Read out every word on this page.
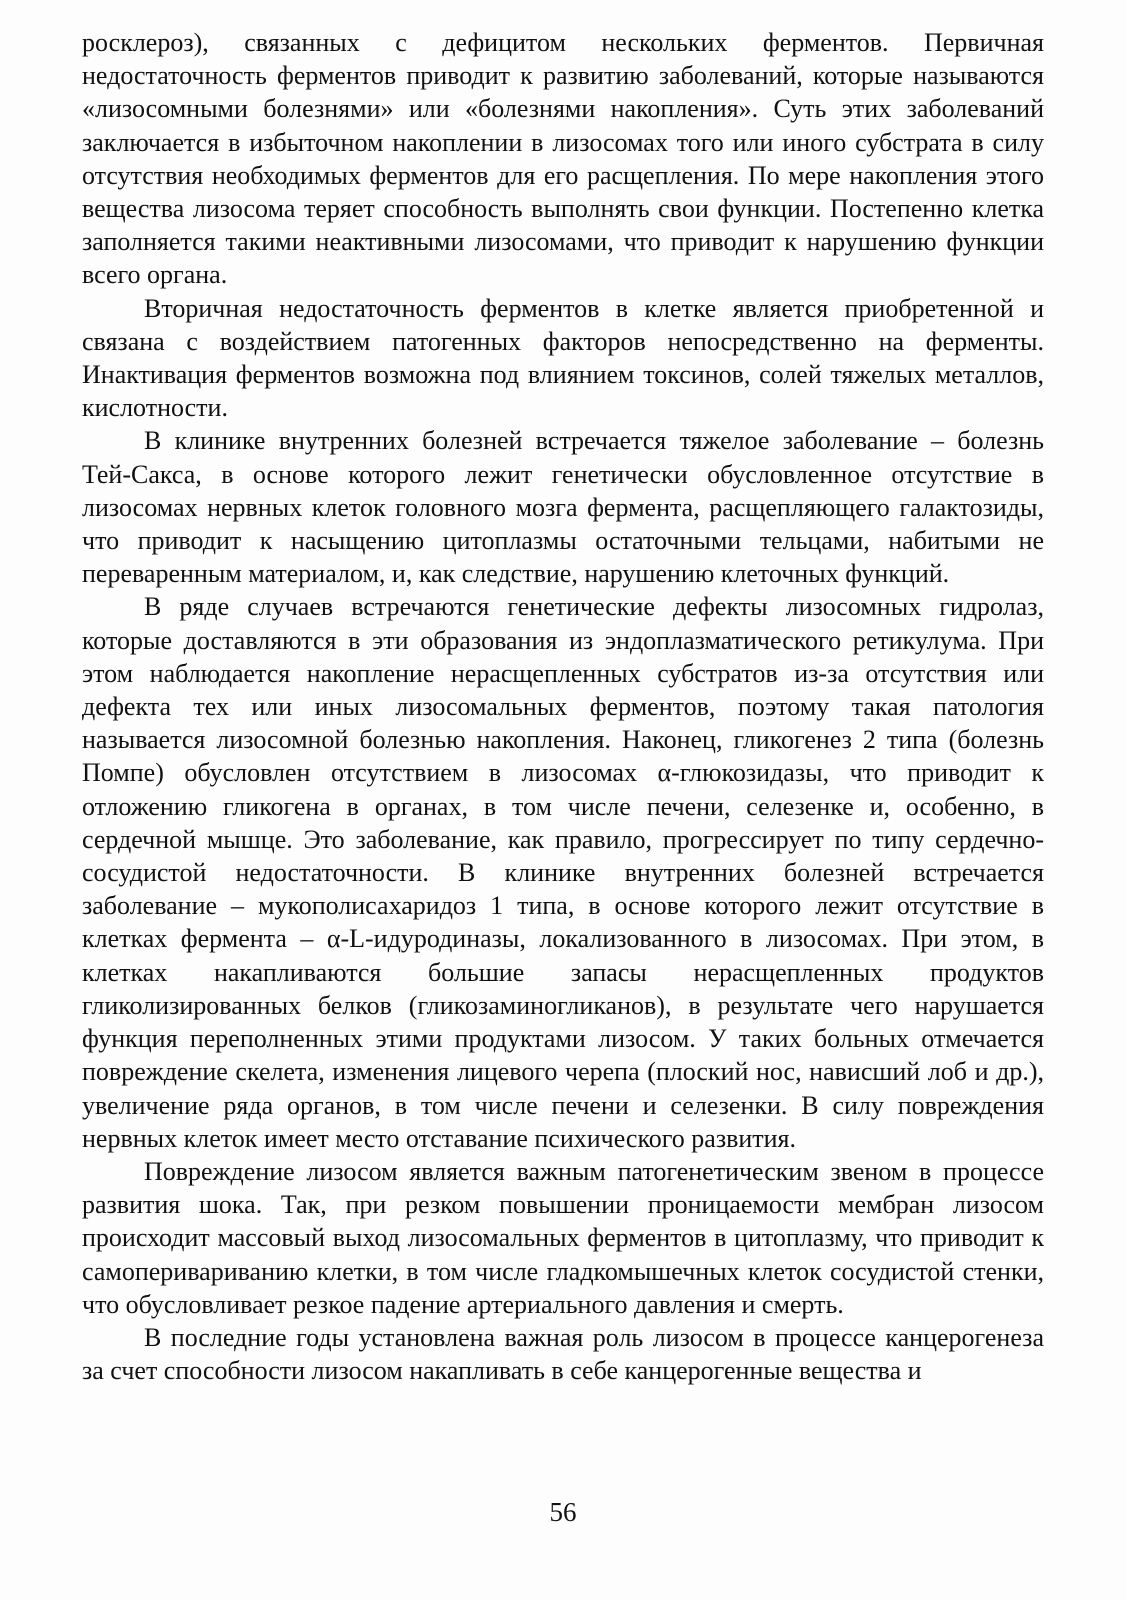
росклероз), связанных с дефицитом нескольких ферментов. Первичная недостаточность ферментов приводит к развитию заболеваний, которые называются «лизосомными болезнями» или «болезнями накопления». Суть этих заболеваний заключается в избыточном накоплении в лизосомах того или иного субстрата в силу отсутствия необходимых ферментов для его расщепления. По мере накопления этого вещества лизосома теряет способность выполнять свои функции. Постепенно клетка заполняется такими неактивными лизосомами, что приводит к нарушению функции всего органа.

Вторичная недостаточность ферментов в клетке является приобретенной и связана с воздействием патогенных факторов непосредственно на ферменты. Инактивация ферментов возможна под влиянием токсинов, солей тяжелых металлов, кислотности.

В клинике внутренних болезней встречается тяжелое заболевание – болезнь Тей-Сакса, в основе которого лежит генетически обусловленное отсутствие в лизосомах нервных клеток головного мозга фермента, расщепляющего галактозиды, что приводит к насыщению цитоплазмы остаточными тельцами, набитыми не переваренным материалом, и, как следствие, нарушению клеточных функций.

В ряде случаев встречаются генетические дефекты лизосомных гидролаз, которые доставляются в эти образования из эндоплазматического ретикулума. При этом наблюдается накопление нерасщепленных субстратов из-за отсутствия или дефекта тех или иных лизосомальных ферментов, поэтому такая патология называется лизосомной болезнью накопления. Наконец, гликогенез 2 типа (болезнь Помпе) обусловлен отсутствием в лизосомах α-глюкозидазы, что приводит к отложению гликогена в органах, в том числе печени, селезенке и, особенно, в сердечной мышце. Это заболевание, как правило, прогрессирует по типу сердечно-сосудистой недостаточности. В клинике внутренних болезней встречается заболевание – мукополисахаридоз 1 типа, в основе которого лежит отсутствие в клетках фермента – α-L-идуродиназы, локализованного в лизосомах. При этом, в клетках накапливаются большие запасы нерасщепленных продуктов гликолизированных белков (гликозаминогликанов), в результате чего нарушается функция переполненных этими продуктами лизосом. У таких больных отмечается повреждение скелета, изменения лицевого черепа (плоский нос, нависший лоб и др.), увеличение ряда органов, в том числе печени и селезенки. В силу повреждения нервных клеток имеет место отставание психического развития.

Повреждение лизосом является важным патогенетическим звеном в процессе развития шока. Так, при резком повышении проницаемости мембран лизосом происходит массовый выход лизосомальных ферментов в цитоплазму, что приводит к самоперивариванию клетки, в том числе гладкомышечных клеток сосудистой стенки, что обусловливает резкое падение артериального давления и смерть.

В последние годы установлена важная роль лизосом в процессе канцерогенеза за счет способности лизосом накапливать в себе канцерогенные вещества и

56
